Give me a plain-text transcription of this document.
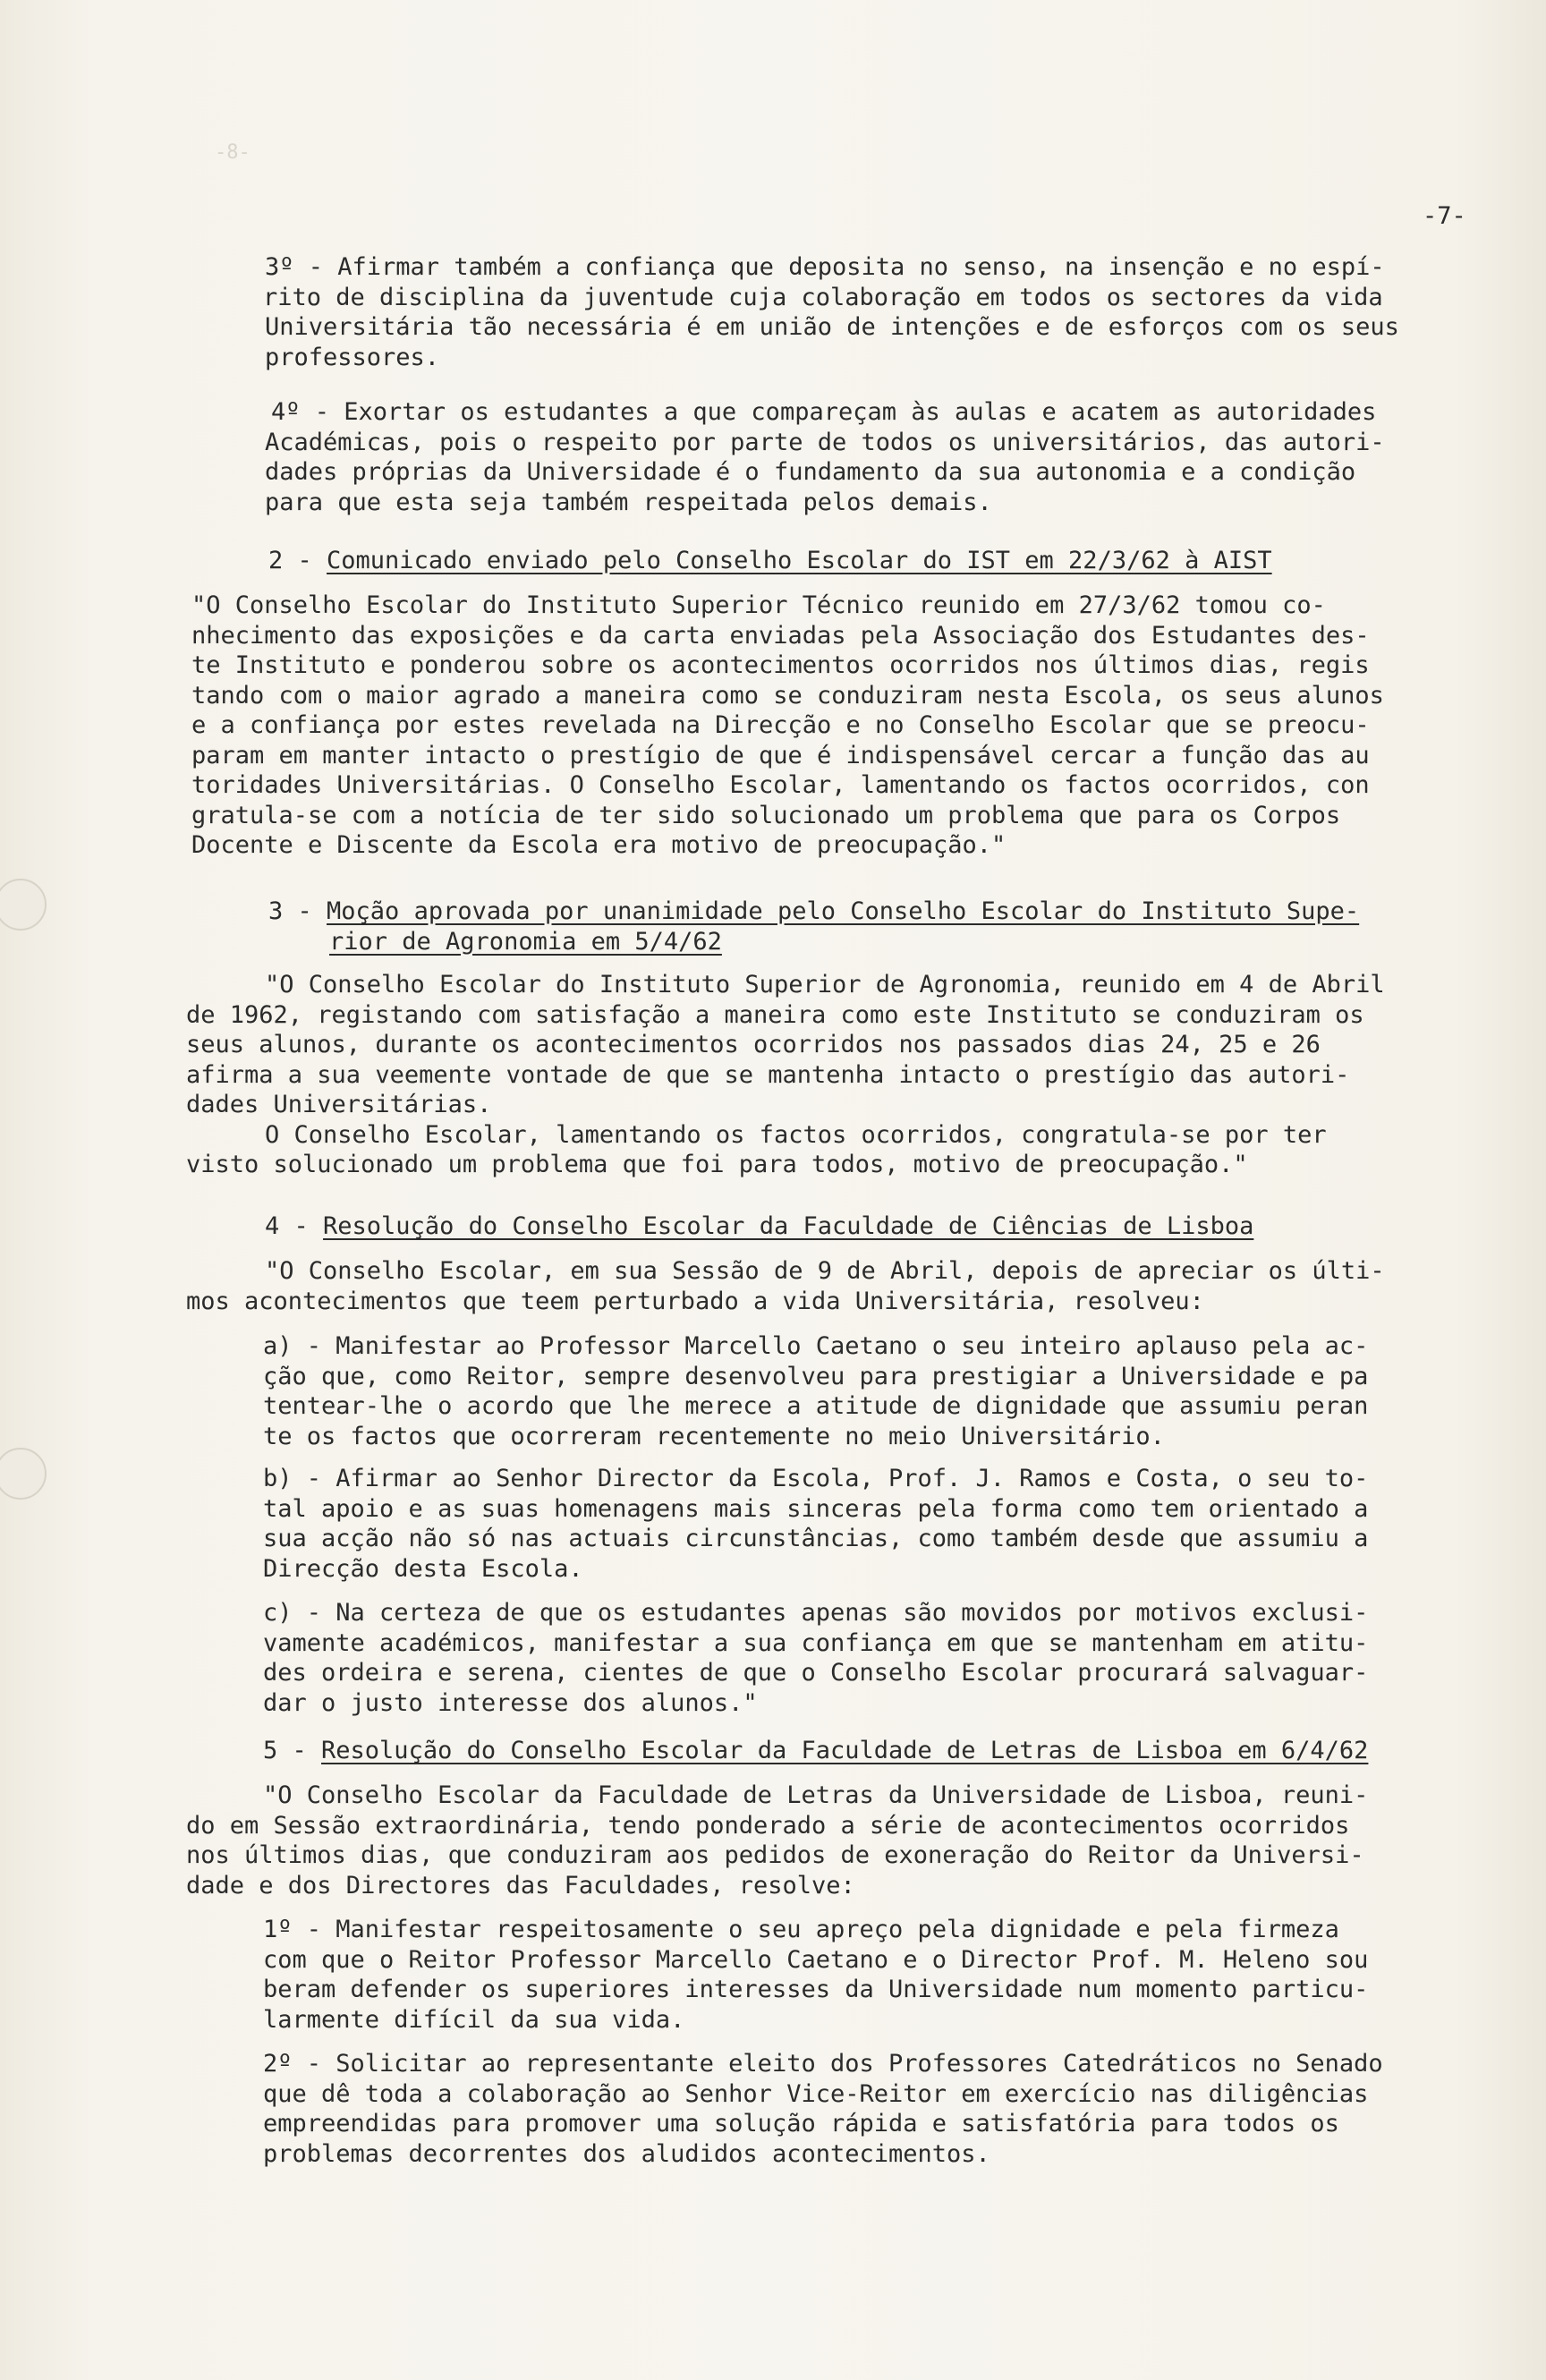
-8-
-7-

3º - Afirmar também a confiança que deposita no senso, na insenção e no espí-

rito de disciplina da juventude cuja colaboração em todos os sectores da vida

Universitária tão necessária é em união de intenções e de esforços com os seus

professores.

4º - Exortar os estudantes a que compareçam às aulas e acatem as autoridades

Académicas, pois o respeito por parte de todos os universitários, das autori-

dades próprias da Universidade é o fundamento da sua autonomia e a condição

para que esta seja também respeitada pelos demais.

2 - Comunicado enviado pelo Conselho Escolar do IST em 22/3/62 à AIST

"O Conselho Escolar do Instituto Superior Técnico reunido em 27/3/62 tomou co-

nhecimento das exposições e da carta enviadas pela Associação dos Estudantes des-

te Instituto e ponderou sobre os acontecimentos ocorridos nos últimos dias, regis

tando com o maior agrado a maneira como se conduziram nesta Escola, os seus alunos

e a confiança por estes revelada na Direcção e no Conselho Escolar que se preocu-

param em manter intacto o prestígio de que é indispensável cercar a função das au

toridades Universitárias. O Conselho Escolar, lamentando os factos ocorridos, con

gratula-se com a notícia de ter sido solucionado um problema que para os Corpos

Docente e Discente da Escola era motivo de preocupação."

3 - Moção aprovada por unanimidade pelo Conselho Escolar do Instituto Supe-

rior de Agronomia em 5/4/62

"O Conselho Escolar do Instituto Superior de Agronomia, reunido em 4 de Abril

de 1962, registando com satisfação a maneira como este Instituto se conduziram os

seus alunos, durante os acontecimentos ocorridos nos passados dias 24, 25 e 26

afirma a sua veemente vontade de que se mantenha intacto o prestígio das autori-

dades Universitárias.

O Conselho Escolar, lamentando os factos ocorridos, congratula-se por ter

visto solucionado um problema que foi para todos, motivo de preocupação."

4 - Resolução do Conselho Escolar da Faculdade de Ciências de Lisboa

"O Conselho Escolar, em sua Sessão de 9 de Abril, depois de apreciar os últi-

mos acontecimentos que teem perturbado a vida Universitária, resolveu:

a) - Manifestar ao Professor Marcello Caetano o seu inteiro aplauso pela ac-

ção que, como Reitor, sempre desenvolveu para prestigiar a Universidade e pa

tentear-lhe o acordo que lhe merece a atitude de dignidade que assumiu peran

te os factos que ocorreram recentemente no meio Universitário.

b) - Afirmar ao Senhor Director da Escola, Prof. J. Ramos e Costa, o seu to-

tal apoio e as suas homenagens mais sinceras pela forma como tem orientado a

sua acção não só nas actuais circunstâncias, como também desde que assumiu a

Direcção desta Escola.

c) - Na certeza de que os estudantes apenas são movidos por motivos exclusi-

vamente académicos, manifestar a sua confiança em que se mantenham em atitu-

des ordeira e serena, cientes de que o Conselho Escolar procurará salvaguar-

dar o justo interesse dos alunos."

5 - Resolução do Conselho Escolar da Faculdade de Letras de Lisboa em 6/4/62

"O Conselho Escolar da Faculdade de Letras da Universidade de Lisboa, reuni-

do em Sessão extraordinária, tendo ponderado a série de acontecimentos ocorridos

nos últimos dias, que conduziram aos pedidos de exoneração do Reitor da Universi-

dade e dos Directores das Faculdades, resolve:

1º - Manifestar respeitosamente o seu apreço pela dignidade e pela firmeza

com que o Reitor Professor Marcello Caetano e o Director Prof. M. Heleno sou

beram defender os superiores interesses da Universidade num momento particu-

larmente difícil da sua vida.

2º - Solicitar ao representante eleito dos Professores Catedráticos no Senado

que dê toda a colaboração ao Senhor Vice-Reitor em exercício nas diligências

empreendidas para promover uma solução rápida e satisfatória para todos os

problemas decorrentes dos aludidos acontecimentos.
